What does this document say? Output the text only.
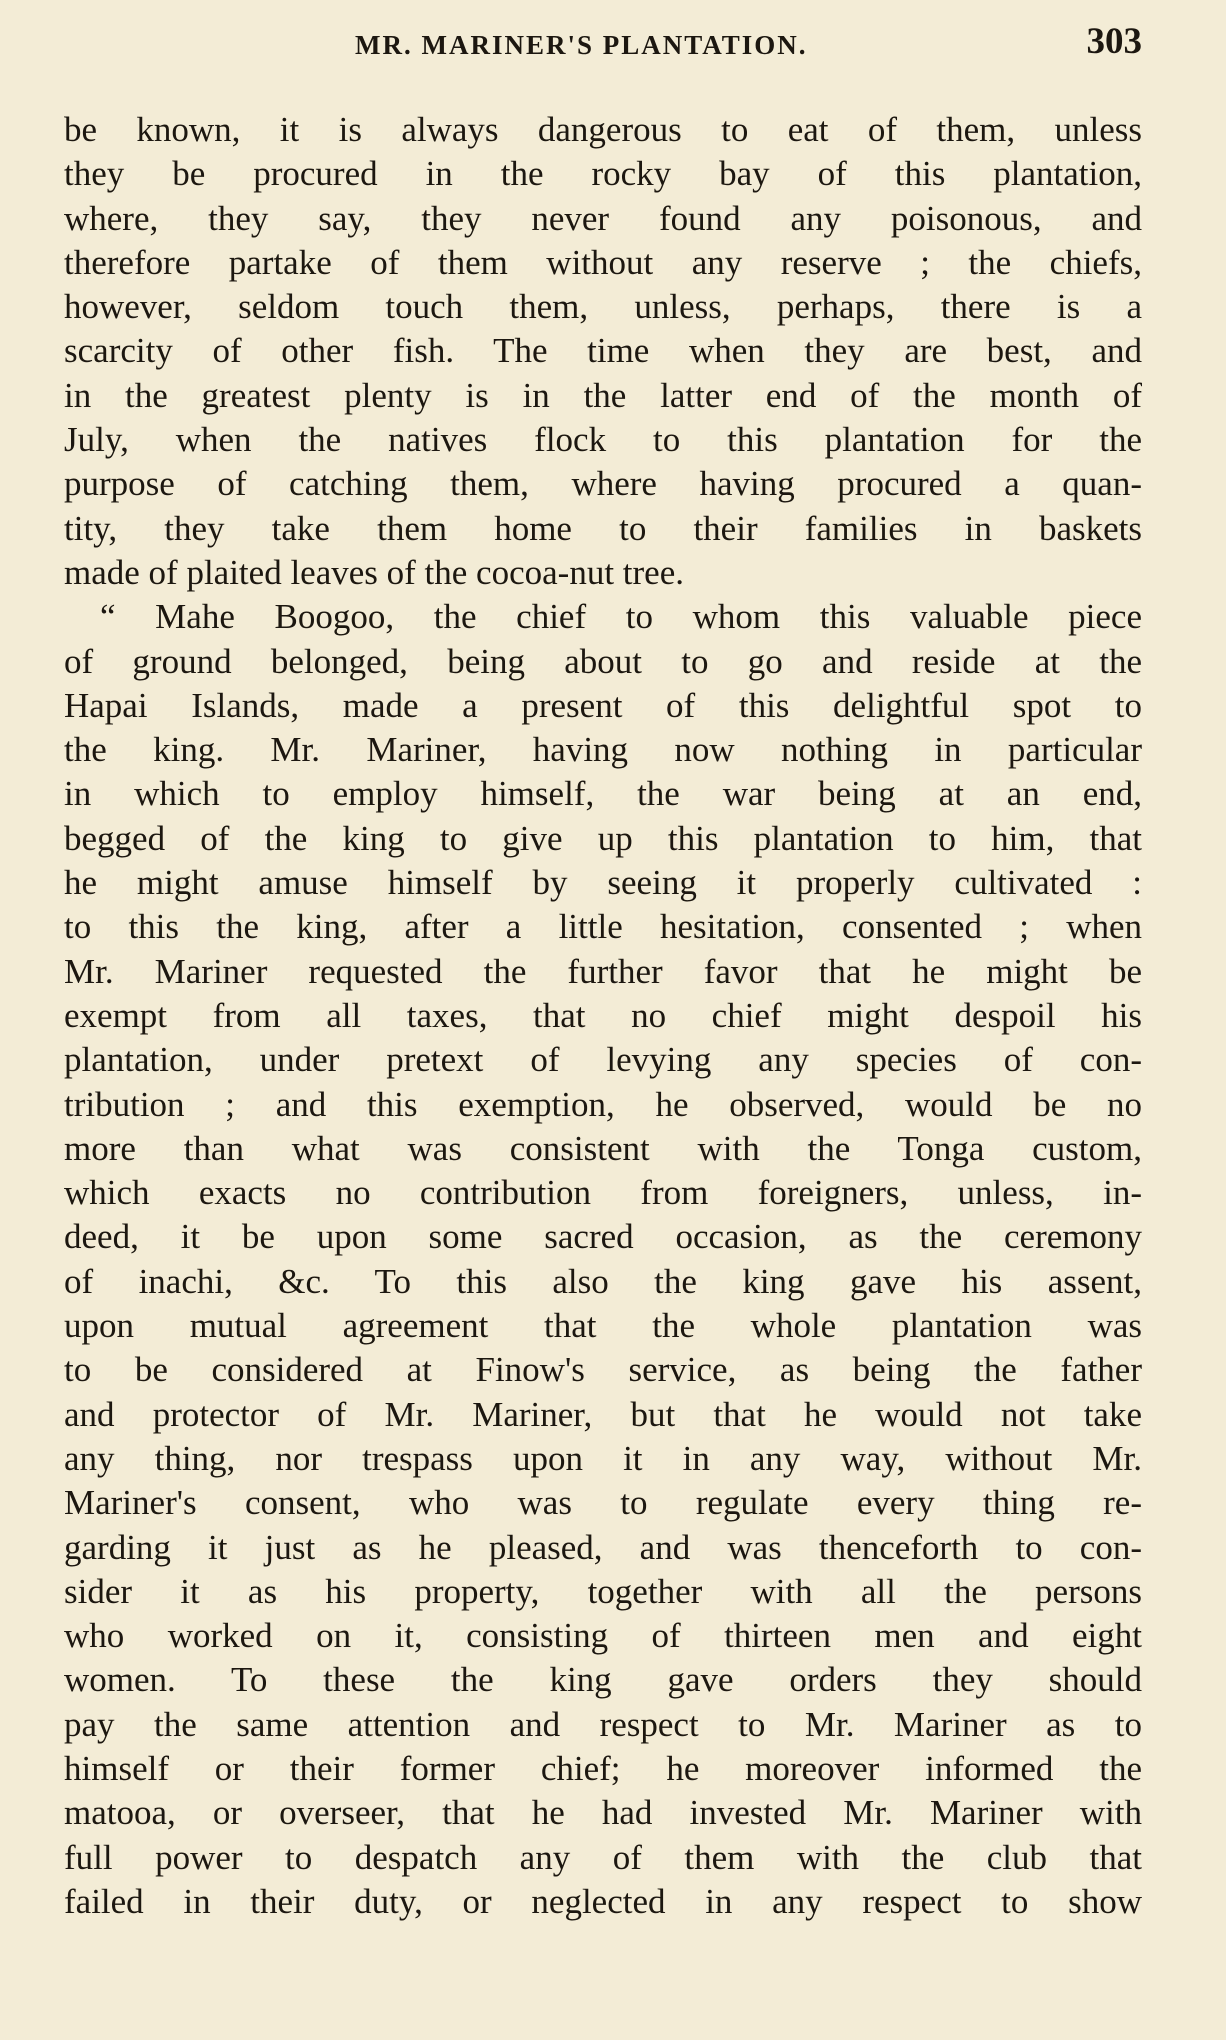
MR. MARINER'S PLANTATION.	303
be known, it is always dangerous to eat of them, unless
they be procured in the rocky bay of this plantation,
where, they say, they never found any poisonous, and
therefore partake of them without any reserve ; the chiefs,
however, seldom touch them, unless, perhaps, there is a
scarcity of other fish. The time when they are best, and
in the greatest plenty is in the latter end of the month of
July, when the natives flock to this plantation for the
purpose of catching them, where having procured a quan-
tity, they take them home to their families in baskets
made of plaited leaves of the cocoa-nut tree.
“ Mahe Boogoo, the chief to whom this valuable piece
of ground belonged, being about to go and reside at the
Hapai Islands, made a present of this delightful spot to
the king. Mr. Mariner, having now nothing in particular
in which to employ himself, the war being at an end,
begged of the king to give up this plantation to him, that
he might amuse himself by seeing it properly cultivated :
to this the king, after a little hesitation, consented ; when
Mr. Mariner requested the further favor that he might be
exempt from all taxes, that no chief might despoil his
plantation, under pretext of levying any species of con-
tribution ; and this exemption, he observed, would be no
more than what was consistent with the Tonga custom,
which exacts no contribution from foreigners, unless, in-
deed, it be upon some sacred occasion, as the ceremony
of inachi, &c. To this also the king gave his assent,
upon mutual agreement that the whole plantation was
to be considered at Finow's service, as being the father
and protector of Mr. Mariner, but that he would not take
any thing, nor trespass upon it in any way, without Mr.
Mariner's consent, who was to regulate every thing re-
garding it just as he pleased, and was thenceforth to con-
sider it as his property, together with all the persons
who worked on it, consisting of thirteen men and eight
women. To these the king gave orders they should
pay the same attention and respect to Mr. Mariner as to
himself or their former chief; he moreover informed the
matooa, or overseer, that he had invested Mr. Mariner with
full power to despatch any of them with the club that
failed in their duty, or neglected in any respect to show
